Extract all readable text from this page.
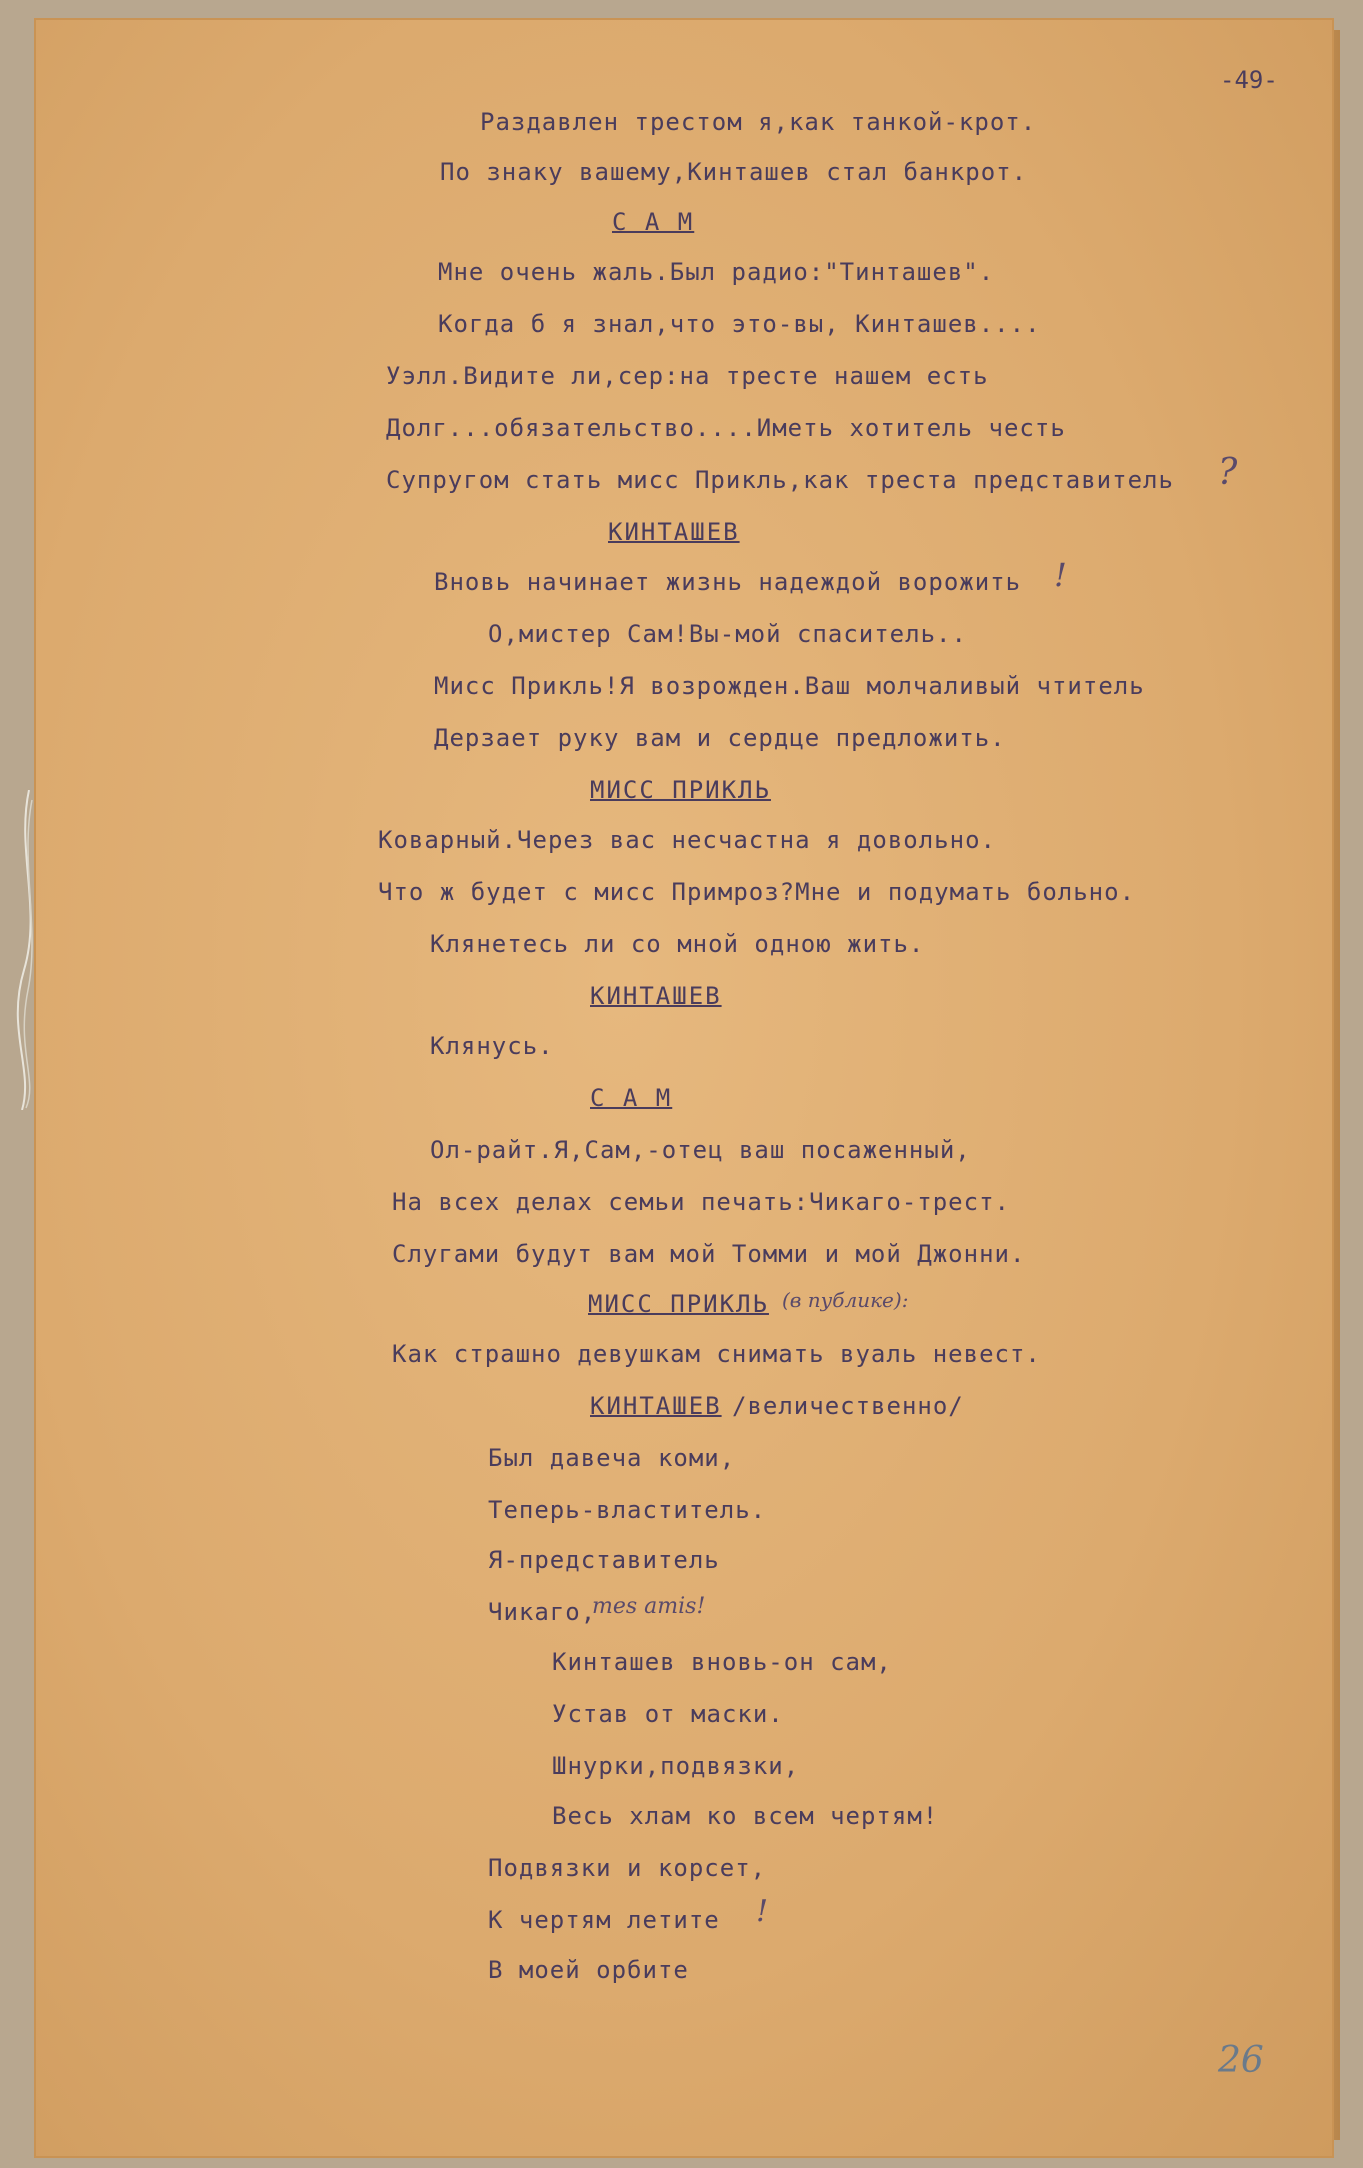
-49-

Раздавлен трестом я,как танкой-крот.

По знаку вашему,Кинташев стал банкрот.

С А М

Мне очень жаль.Был радио:"Тинташев".

Когда б я знал,что это-вы, Кинташев....

Уэлл.Видите ли,сер:на тресте нашем есть

Долг...обязательство....Иметь хотитель честь

Супругом стать мисс Прикль,как треста представитель ?

КИНТАШЕВ

Вновь начинает жизнь надеждой ворожить !

О,мистер Сам!Вы-мой спаситель..

Мисс Прикль!Я возрожден.Ваш молчаливый чтитель

Дерзает руку вам и сердце предложить.

МИСС ПРИКЛЬ

Коварный.Через вас несчастна я довольно.

Что ж будет с мисс Примроз?Мне и подумать больно.

Клянетесь ли со мной одною жить.

КИНТАШЕВ

Клянусь.

С А М

Ол-райт.Я,Сам,-отец ваш посаженный,

На всех делах семьи печать:Чикаго-трест.

Слугами будут вам мой Томми и мой Джонни.

МИСС ПРИКЛЬ (в публике):

Как страшно девушкам снимать вуаль невест.

КИНТАШЕВ /величественно/

Был давеча коми,

Теперь-властитель.

Я-представитель

Чикаго,

mes amis!

Кинташев вновь-он сам,

Устав от маски.

Шнурки,подвязки,

Весь хлам ко всем чертям!

Подвязки и корсет,

К чертям летите !

В моей орбите

26
